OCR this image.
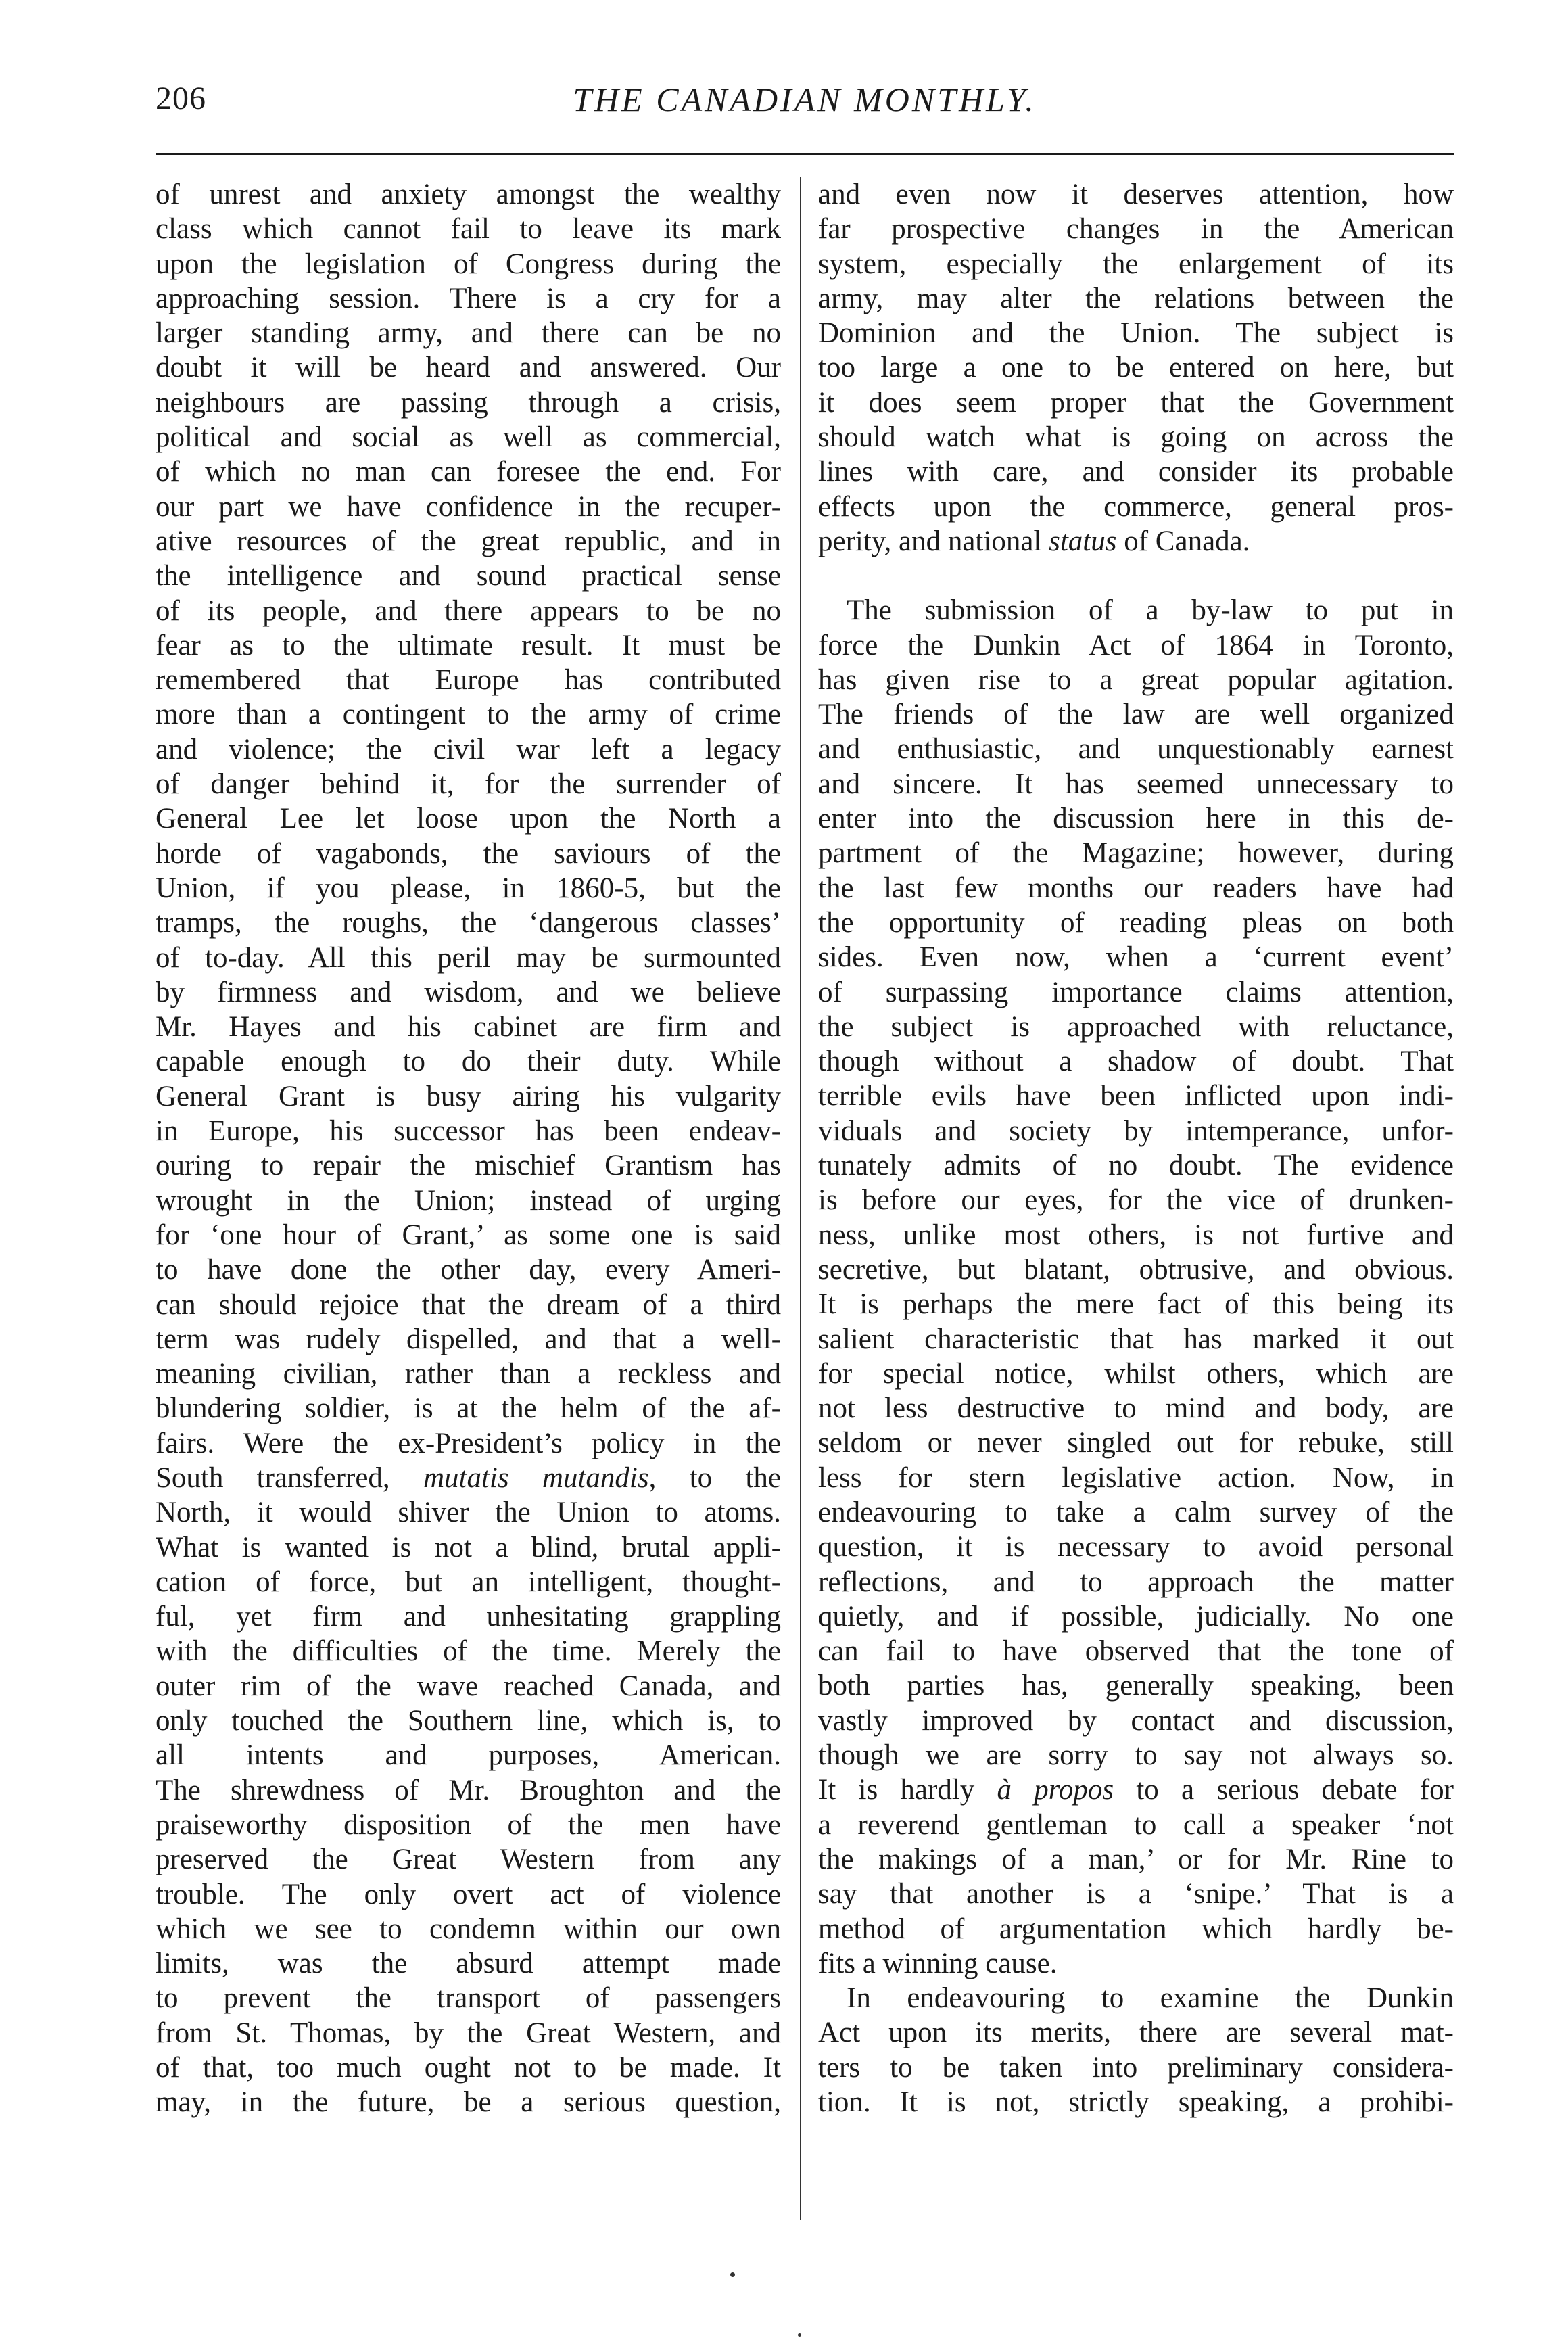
206	THE CANADIAN MONTHLY.
of unrest and anxiety amongst the wealthy
class which cannot fail to leave its mark
upon the legislation of Congress during the
approaching session. There is a cry for a
larger standing army, and there can be no
doubt it will be heard and answered. Our
neighbours are passing through a crisis,
political and social as well as commercial,
of which no man can foresee the end. For
our part we have confidence in the recuper-
ative resources of the great republic, and in
the intelligence and sound practical sense
of its people, and there appears to be no
fear as to the ultimate result. It must be
remembered that Europe has contributed
more than a contingent to the army of crime
and violence; the civil war left a legacy
of danger behind it, for the surrender of
General Lee let loose upon the North a
horde of vagabonds, the saviours of the
Union, if you please, in 1860-5, but the
tramps, the roughs, the ‘dangerous classes’
of to-day. All this peril may be surmounted
by firmness and wisdom, and we believe
Mr. Hayes and his cabinet are firm and
capable enough to do their duty. While
General Grant is busy airing his vulgarity
in Europe, his successor has been endeav-
ouring to repair the mischief Grantism has
wrought in the Union; instead of urging
for ‘one hour of Grant,’ as some one is said
to have done the other day, every Ameri-
can should rejoice that the dream of a third
term was rudely dispelled, and that a well-
meaning civilian, rather than a reckless and
blundering soldier, is at the helm of the af-
fairs. Were the ex-President’s policy in the
South transferred, mutatis mutandis, to the
North, it would shiver the Union to atoms.
What is wanted is not a blind, brutal appli-
cation of force, but an intelligent, thought-
ful, yet firm and unhesitating grappling
with the difficulties of the time. Merely the
outer rim of the wave reached Canada, and
only touched the Southern line, which is, to
all intents and purposes, American.
The shrewdness of Mr. Broughton and the
praiseworthy disposition of the men have
preserved the Great Western from any
trouble. The only overt act of violence
which we see to condemn within our own
limits, was the absurd attempt made
to prevent the transport of passengers
from St. Thomas, by the Great Western, and
of that, too much ought not to be made. It
may, in the future, be a serious question,
and even now it deserves attention, how
far prospective changes in the American
system, especially the enlargement of its
army, may alter the relations between the
Dominion and the Union. The subject is
too large a one to be entered on here, but
it does seem proper that the Government
should watch what is going on across the
lines with care, and consider its probable
effects upon the commerce, general pros-
perity, and national status of Canada.
The submission of a by-law to put in
force the Dunkin Act of 1864 in Toronto,
has given rise to a great popular agitation.
The friends of the law are well organized
and enthusiastic, and unquestionably earnest
and sincere. It has seemed unnecessary to
enter into the discussion here in this de-
partment of the Magazine; however, during
the last few months our readers have had
the opportunity of reading pleas on both
sides. Even now, when a ‘current event’
of surpassing importance claims attention,
the subject is approached with reluctance,
though without a shadow of doubt. That
terrible evils have been inflicted upon indi-
viduals and society by intemperance, unfor-
tunately admits of no doubt. The evidence
is before our eyes, for the vice of drunken-
ness, unlike most others, is not furtive and
secretive, but blatant, obtrusive, and obvious.
It is perhaps the mere fact of this being its
salient characteristic that has marked it out
for special notice, whilst others, which are
not less destructive to mind and body, are
seldom or never singled out for rebuke, still
less for stern legislative action. Now, in
endeavouring to take a calm survey of the
question, it is necessary to avoid personal
reflections, and to approach the matter
quietly, and if possible, judicially. No one
can fail to have observed that the tone of
both parties has, generally speaking, been
vastly improved by contact and discussion,
though we are sorry to say not always so.
It is hardly à propos to a serious debate for
a reverend gentleman to call a speaker ‘not
the makings of a man,’ or for Mr. Rine to
say that another is a ‘snipe.’ That is a
method of argumentation which hardly be-
fits a winning cause.
In endeavouring to examine the Dunkin
Act upon its merits, there are several mat-
ters to be taken into preliminary considera-
tion. It is not, strictly speaking, a prohibi-
